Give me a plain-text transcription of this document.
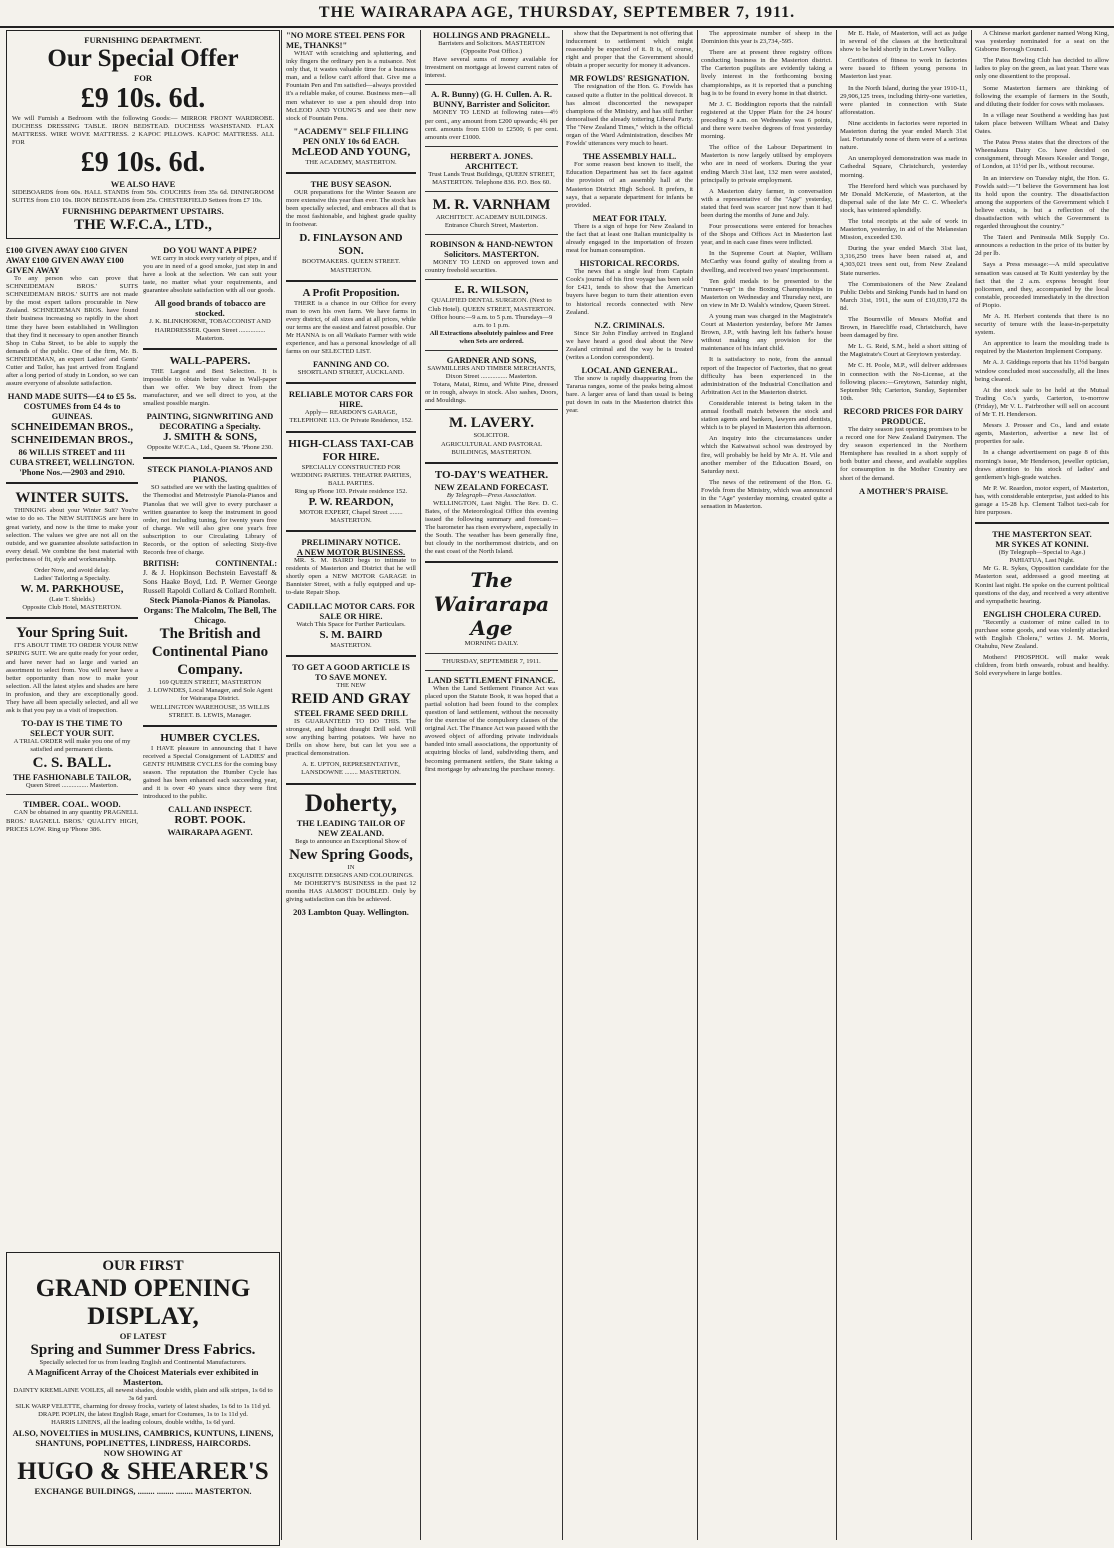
THE WAIRARAPA AGE, THURSDAY, SEPTEMBER 7, 1911.
FURNISHING DEPARTMENT.
Our Special Offer
FOR
£9 10s. 6d.
We will Furnish a Bedroom with the following Goods:— MIRROR FRONT WARDROBE. DUCHESS DRESSING TABLE. IRON BEDSTEAD. DUCHESS WASHSTAND. FLAX MATTRESS. WIRE WOVE MATTRESS. 2 KAPOC PILLOWS. KAPOC MATTRESS. ALL FOR
£9 10s. 6d.
WE ALSO HAVE
SIDEBOARDS from 60s. HALL STANDS from 50s. COUCHES from 35s 6d. DININGROOM SUITES from £10 10s. IRON BEDSTEADS from 25s. CHESTERFIELD Settees from £7 10s.
FURNISHING DEPARTMENT UPSTAIRS.
THE W.F.C.A., LTD.,
£100 GIVEN AWAY £100 GIVEN AWAY £100 GIVEN AWAY £100 GIVEN AWAY

To any person who can prove that SCHNEIDEMAN BROS.' SUITS SCHNEIDEMAN BROS.' SUITS are not made by the most expert tailors procurable in New Zealand. SCHNEIDEMAN BROS. have found their business increasing so rapidly in the short time they have been established in Wellington that they find it necessary to open another Branch Shop in Cuba Street, to be able to supply the demands of the public. One of the firm, Mr. B. SCHNEIDEMAN, an expert Ladies' and Gents' Cutter and Tailor, has just arrived from England after a long period of study in London, so we can assure everyone of absolute satisfaction.

HAND MADE SUITS—£4 to £5 5s. COSTUMES from £4 4s to GUINEAS.
SCHNEIDEMAN BROS., SCHNEIDEMAN BROS.,
86 WILLIS STREET and 111 CUBA STREET, WELLINGTON. 'Phone Nos.—2903 and 2910.
WINTER SUITS.

THINKING about your Winter Suit? You're wise to do so. The NEW SUITINGS are here in great variety, and now is the time to make your selection. The values we give are not all on the outside, and we guarantee absolute satisfaction in every detail. We combine the best material with perfectness of fit, style and workmanship.

Order Now, and avoid delay.
Ladies' Tailoring a Specialty.
W. M. PARKHOUSE,
(Late T. Shields.)
Opposite Club Hotel, MASTERTON.
Your Spring Suit.

IT'S ABOUT TIME TO ORDER YOUR NEW SPRING SUIT. We are quite ready for your order, and have never had so large and varied an assortment to select from. You will never have a better opportunity than now to make your selection. All the latest styles and shades are here in profusion, and they are exceptionally good. They have all been specially selected, and all we ask is that you pay us a visit of inspection.

TO-DAY IS THE TIME TO SELECT YOUR SUIT.
A TRIAL ORDER will make you one of my satisfied and permanent clients.
C. S. BALL.
THE FASHIONABLE TAILOR,
Queen Street ................ Masterton.
TIMBER. COAL. WOOD.

CAN be obtained in any quantity PRAGNELL BROS.' RAGNELL BROS.' QUALITY HIGH, PRICES LOW. Ring up 'Phone 386.

DO YOU WANT A PIPE?

WE carry in stock every variety of pipes, and if you are in need of a good smoke, just step in and have a look at the selection. We can suit your taste, no matter what your requirements, and guarantee absolute satisfaction with all our goods.

All good brands of tobacco are stocked.
J. K. BLINKHORNE, TOBACCONIST AND HAIRDRESSER. Queen Street ................ Masterton.
WALL-PAPERS.

THE Largest and Best Selection. It is impossible to obtain better value in Wall-paper than we offer. We buy direct from the manufacturer, and we sell direct to you, at the smallest possible margin.

PAINTING, SIGNWRITING AND DECORATING a Specialty.
J. SMITH & SONS,
Opposite W.F.C.A., Ltd., Queen St. 'Phone 230.
STECK PIANOLA-PIANOS AND PIANOS.

SO satisfied are we with the lasting qualities of the Themodist and Metrostyle Pianola-Pianos and Pianolas that we will give to every purchaser a written guarantee to keep the instrument in good order, not including tuning, for twenty years free of charge. We will also give one year's free subscription to our Circulating Library of Records, or the option of selecting Sixty-five Records free of charge.

BRITISH:	CONTINENTAL:
J. & J. Hopkinson Bechstein Eavestaff & Sons Haake Boyd, Ltd. P. Werner George Russell Rapoldi Collard & Collard Romhelt.
Steck Pianola-Pianos & Pianolas.
Organs: The Malcolm, The Bell, The Chicago.
The British and Continental Piano Company.
169 QUEEN STREET, MASTERTON
J. LOWNDES, Local Manager, and Sole Agent for Wairarapa District.
WELLINGTON WAREHOUSE, 35 WILLIS STREET. B. LEWIS, Manager.
HUMBER CYCLES.

I HAVE pleasure in announcing that I have received a Special Consignment of LADIES' and GENTS' HUMBER CYCLES for the coming busy season. The reputation the Humber Cycle has gained has been enhanced each succeeding year, and it is over 40 years since they were first introduced to the public.

CALL AND INSPECT.
ROBT. POOK.
WAIRARAPA AGENT.
"NO MORE STEEL PENS FOR ME, THANKS!"

WHAT with scratching and spluttering, and inky fingers the ordinary pen is a nuisance. Not only that, it wastes valuable time for a business man, and a fellow can't afford that. Give me a Fountain Pen and I'm satisfied—always provided it's a reliable make, of course. Business men—all men whatever to use a pen should drop into McLEOD AND YOUNG'S and see their new stock of Fountain Pens.

"ACADEMY" SELF FILLING PEN ONLY 10s 6d EACH.
McLEOD AND YOUNG,
THE ACADEMY, MASTERTON.
THE BUSY SEASON.

OUR preparations for the Winter Season are more extensive this year than ever. The stock has been specially selected, and embraces all that is the most fashionable, and highest grade quality in footwear.

D. FINLAYSON AND SON.
BOOTMAKERS. QUEEN STREET. MASTERTON.
A Profit Proposition.

THERE is a chance in our Office for every man to own his own farm. We have farms in every district, of all sizes and at all prices, while our terms are the easiest and fairest possible. Our Mr HANNA is on all Waikato Farmer with wide experience, and has a personal knowledge of all farms on our SELECTED LIST.

FANNING AND CO.
SHORTLAND STREET, AUCKLAND.
RELIABLE MOTOR CARS FOR HIRE.
Apply— REARDON'S GARAGE, TELEPHONE 113. Or Private Residence, 152.
HIGH-CLASS TAXI-CAB FOR HIRE.
SPECIALLY CONSTRUCTED FOR WEDDING PARTIES. THEATRE PARTIES, BALL PARTIES.
Ring up Phone 103. Private residence 152.
P. W. REARDON,
MOTOR EXPERT, Chapel Street ........ MASTERTON.
PRELIMINARY NOTICE.
A NEW MOTOR BUSINESS.

MR. S. M. BAIRD begs to intimate to residents of Masterton and District that he will shortly open a NEW MOTOR GARAGE in Bannister Street, with a fully equipped and up-to-date Repair Shop.

CADILLAC MOTOR CARS. FOR SALE OR HIRE.
Watch This Space for Further Particulars.
S. M. BAIRD
MASTERTON.
TO GET A GOOD ARTICLE IS TO SAVE MONEY.
THE NEW
REID AND GRAY
STEEL FRAME SEED DRILL

IS GUARANTEED TO DO THIS. The strongest, and lightest draught Drill sold. Will sow anything barring potatoes. We have no Drills on show here, but can let you see a practical demonstration.

A. E. UPTON, REPRESENTATIVE, LANSDOWNE ........ MASTERTON.
Doherty,
THE LEADING TAILOR OF NEW ZEALAND.
Begs to announce an Exceptional Show of
New Spring Goods,
IN
EXQUISITE DESIGNS AND COLOURINGS.

Mr DOHERTY'S BUSINESS in the past 12 months HAS ALMOST DOUBLED. Only by giving satisfaction can this be achieved.

203 Lambton Quay. Wellington.
HOLLINGS AND PRAGNELL.
Barristers and Solicitors. MASTERTON (Opposite Post Office.)

Have several sums of money available for investment on mortgage at lowest current rates of interest.

A. R. Bunny) (G. H. Cullen. A. R. BUNNY, Barrister and Solicitor.

MONEY TO LEND at following rates—4½ per cent., any amount from £200 upwards; 4¾ per cent. amounts from £100 to £2500; 6 per cent. amounts over £1000.

HERBERT A. JONES. ARCHITECT.
Trust Lands Trust Buildings, QUEEN STREET, MASTERTON. Telephone 836. P.O. Box 60.
M. R. VARNHAM
ARCHITECT. ACADEMY BUILDINGS. Entrance Church Street, Masterton.
ROBINSON & HAND-NEWTON Solicitors. MASTERTON.

MONEY TO LEND on approved town and country freehold securities.

E. R. WILSON,
QUALIFIED DENTAL SURGEON. (Next to Club Hotel). QUEEN STREET, MASTERTON.
Office hours:—9 a.m. to 5 p.m. Thursdays—9 a.m. to 1 p.m.
All Extractions absolutely painless and Free when Sets are ordered.
GARDNER AND SONS,
SAWMILLERS AND TIMBER MERCHANTS, Dixon Street ................ Masterton.

Totara, Matai, Rimu, and White Pine, dressed or in rough, always in stock. Also sashes, Doors, and Mouldings.

M. LAVERY.
SOLICITOR.
AGRICULTURAL AND PASTORAL BUILDINGS, MASTERTON.
TO-DAY'S WEATHER.
NEW ZEALAND FORECAST.
By Telegraph—Press Association.

WELLINGTON, Last Night. The Rev. D. C. Bates, of the Meteorological Office this evening issued the following summary and forecast:— The barometer has risen everywhere, especially in the South. The weather has been generally fine, but cloudy in the northernmost districts, and on the east coast of the North Island.

The Wairarapa Age
MORNING DAILY.
THURSDAY, SEPTEMBER 7, 1911.
LAND SETTLEMENT FINANCE.

When the Land Settlement Finance Act was placed upon the Statute Book, it was hoped that a partial solution had been found to the complex question of land settlement, without the necessity for the exercise of the compulsory clauses of the original Act. The Finance Act was passed with the avowed object of affording private individuals banded into small associations, the opportunity of acquiring blocks of land, subdividing them, and becoming permanent settlers, the State taking a first mortgage by advancing the purchase money.

show that the Department is not offering that inducement to settlement which might reasonably be expected of it. It is, of course, right and proper that the Government should obtain a proper security for money it advances.

MR FOWLDS' RESIGNATION.

The resignation of the Hon. G. Fowlds has caused quite a flutter in the political dovecot. It has almost disconcerted the newspaper champions of the Ministry, and has still further demoralised the already tottering Liberal Party. The "New Zealand Times," which is the official organ of the Ward Administration, descibes Mr Fowlds' utterances very much to heart.

THE ASSEMBLY HALL.

For some reason best known to itself, the Education Department has set its face against the provision of an assembly hall at the Masterton District High School. It prefers, it says, that a separate department for infants be provided.

MEAT FOR ITALY.

There is a sign of hope for New Zealand in the fact that at least one Italian municipality is already engaged in the importation of frozen meat for human consumption.

HISTORICAL RECORDS.

The news that a single leaf from Captain Cook's journal of his first voyage has been sold for £421, tends to show that the American buyers have begun to turn their attention even to historical records connected with New Zealand.

N.Z. CRIMINALS.

Since Sir John Findlay arrived in England we have heard a good deal about the New Zealand criminal and the way he is treated (writes a London correspondent).

LOCAL AND GENERAL.

The snow is rapidly disappearing from the Tararua ranges, some of the peaks being almost bare. A larger area of land than usual is being put down in oats in the Masterton district this year.

The approximate number of sheep in the Dominion this year is 23,734,-595.

There are at present three registry offices conducting business in the Masterton district. The Carterton pugilists are evidently taking a lively interest in the forthcoming boxing championships, as it is reported that a punching bag is to be found in every home in that district.

Mr J. C. Boddington reports that the rainfall registered at the Upper Plain for the 24 hours' preceding 9 a.m. on Wednesday was 6 points, and there were twelve degrees of frost yesterday morning.

The office of the Labour Department in Masterton is now largely utilised by employers who are in need of workers. During the year ending March 31st last, 132 men were assisted, principally to private employment.

A Masterton dairy farmer, in conversation with a representative of the "Age" yesterday, stated that feed was scarcer just now than it had been during the months of June and July.

Four prosecutions were entered for breaches of the Shops and Offices Act in Masterton last year, and in each case fines were inflicted.

In the Supreme Court at Napier, William McCarthy was found guilty of stealing from a dwelling, and received two years' imprisonment.

Ten gold medals to be presented to the "runners-up" in the Boxing Championships in Masterton on Wednesday and Thursday next, are on view in Mr D. Walsh's window, Queen Street.

A young man was charged in the Magistrate's Court at Masterton yesterday, before Mr James Brown, J.P., with having left his father's house without making any provision for the maintenance of his infant child.

It is satisfactory to note, from the annual report of the Inspector of Factories, that no great difficulty has been experienced in the administration of the Industrial Conciliation and Arbitration Act in the Masterton district.

Considerable interest is being taken in the annual football match between the stock and station agents and bankers, lawyers and dentists, which is to be played in Masterton this afternoon.

An inquiry into the circumstances under which the Kaiwaiwai school was destroyed by fire, will probably be held by Mr A. H. Vile and another member of the Education Board, on Saturday next.

The news of the retirement of the Hon. G. Fowlds from the Ministry, which was announced in the "Age" yesterday morning, created quite a sensation in Masterton.

Mr E. Hale, of Masterton, will act as judge in several of the classes at the horticultural show to be held shortly in the Lower Valley.

Certificates of fitness to work in factories were issued to fifteen young persons in Masterton last year.

In the North Island, during the year 1910-11, 29,906,125 trees, including thirty-one varieties, were planted in connection with State afforestation.

Nine accidents in factories were reported in Masterton during the year ended March 31st last. Fortunately none of them were of a serious nature.

An unemployed demonstration was made in Cathedral Square, Christchurch, yesterday morning.

The Hereford herd which was purchased by Mr Donald McKenzie, of Masterton, at the dispersal sale of the late Mr C. C. Wheeler's stock, has wintered splendidly.

The total receipts at the sale of work in Masterton, yesterday, in aid of the Melanesian Mission, exceeded £30.

During the year ended March 31st last, 3,316,250 trees have been raised at, and 4,303,021 trees sent out, from New Zealand State nurseries.

The Commissioners of the New Zealand Public Debts and Sinking Funds had in hand on March 31st, 1911, the sum of £10,039,172 8s 8d.

The Bournville of Messrs Moffat and Brown, in Harecliffe road, Christchurch, have been damaged by fire.

Mr L. G. Reid, S.M., held a short sitting of the Magistrate's Court at Greytown yesterday.

Mr C. H. Poole, M.P., will deliver addresses in connection with the No-License, at the following places:—Greytown, Saturday night, September 9th; Carterton, Sunday, September 10th.

RECORD PRICES FOR DAIRY PRODUCE.

The dairy season just opening promises to be a record one for New Zealand Dairymen. The dry season experienced in the Northern Hemisphere has resulted in a short supply of both butter and cheese, and available supplies for consumption in the Mother Country are short of the demand.

A MOTHER'S PRAISE.

A Chinese market gardener named Wong King, was yesterday nominated for a seat on the Gisborne Borough Council.

The Patea Bowling Club has decided to allow ladies to play on the green, as last year. There was only one dissentient to the proposal.

Some Masterton farmers are thinking of following the example of farmers in the South, and diluting their fodder for cows with molasses.

In a village near Southend a wedding has just taken place between William Wheat and Daisy Oates.

The Patea Press states that the directors of the Wheenakura Dairy Co. have decided on consignment, through Messrs Kessler and Tonge, of London, at 11½d per lb., without recourse.

In an interview on Tuesday night, the Hon. G. Fowlds said:—"I believe the Government has lost its hold upon the country. The dissatisfaction among the supporters of the Government which I believe exists, is but a reflection of the dissatisfaction with which the Government is regarded throughout the country."

The Taieri and Peninsula Milk Supply Co. announces a reduction in the price of its butter by 2d per lb.

Says a Press message:—A mild speculative sensation was caused at Te Kuiti yesterday by the fact that the 2 a.m. express brought four policemen, and they, accompanied by the local constable, proceeded immediately in the direction of Piopio.

Mr A. H. Herbert contends that there is no security of tenure with the lease-in-perpetuity system.

An apprentice to learn the moulding trade is required by the Masterton Implement Company.

Mr A. J. Giddings reports that his 11½d bargain window concluded most successfully, all the lines being cleared.

At the stock sale to be held at the Mutual Trading Co.'s yards, Carterton, to-morrow (Friday), Mr V. L. Fairbrother will sell on account of Mr T. H. Henderson.

Messrs J. Prosser and Co., land and estate agents, Masterton, advertise a new list of properties for sale.

In a change advertisement on page 8 of this morning's issue, Mr Henderson, jeweller optician, draws attention to his stock of ladies' and gentlemen's high-grade watches.

Mr P. W. Reardon, motor expert, of Masterton, has, with considerable enterprise, just added to his garage a 15-28 h.p. Clement Talbot taxi-cab for hire purposes.

THE MASTERTON SEAT.
MR SYKES AT KONINI.
(By Telegraph—Special to Age.)
PAHIATUA, Last Night.

Mr G. R. Sykes, Opposition candidate for the Masterton seat, addressed a good meeting at Konini last night. He spoke on the current political questions of the day, and received a very attentive and sympathetic hearing.

ENGLISH CHOLERA CURED.

"Recently a customer of mine called in to purchase some goods, and was violently attacked with English Cholera," writes J. M. Morris, Otahuhu, New Zealand.

Mothers! PHOSPHOL will make weak children, from birth onwards, robust and healthy. Sold everywhere in large bottles.

OUR FIRST
GRAND OPENING DISPLAY,
OF LATEST
Spring and Summer Dress Fabrics.
Specially selected for us from leading English and Continental Manufacturers.
A Magnificent Array of the Choicest Materials ever exhibited in Masterton.
DAINTY KREMLAINE VOILES, all newest shades, double width, plain and silk stripes, 1s 6d to 3s 6d yard.
SILK WARP VELETTE, charming for dressy frocks, variety of latest shades, 1s 6d to 1s 11d yd.
DRAPE POPLIN, the latest English Rage, smart for Costumes, 1s to 1s 11d yd.
HARRIS LINENS, all the leading colours, double widths, 1s 6d yard.
ALSO, NOVELTIES in MUSLINS, CAMBRICS, KUNTUNS, LINENS, SHANTUNS, POPLINETTES, LINDRESS, HAIRCORDS.
NOW SHOWING AT
HUGO & SHEARER'S
EXCHANGE BUILDINGS, ........ ........ ........ MASTERTON.
